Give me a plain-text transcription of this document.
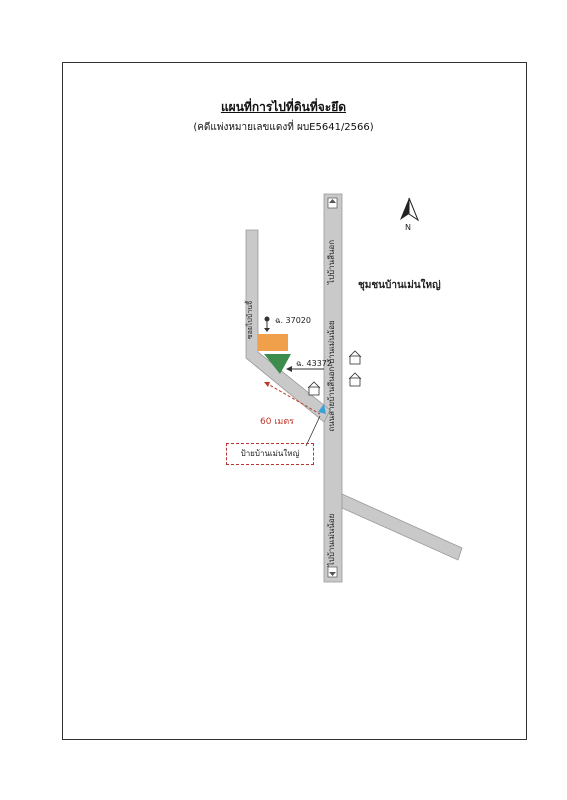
แผนที่การไปที่ดินที่จะยึด
(คดีแพ่งหมายเลขแดงที่ ผบE5641/2566)
ไปบ้านสีนอก
ไปบ้านเม่นน้อย
ถนนสายบ้านสีนอก-บ้านเม่นน้อย
ซอยไปบ้านจี้
N
ชุมชนบ้านเม่นใหญ่
ฉ. 37020
ฉ. 43372
60 เมตร
ป้ายบ้านเม่นใหญ่
